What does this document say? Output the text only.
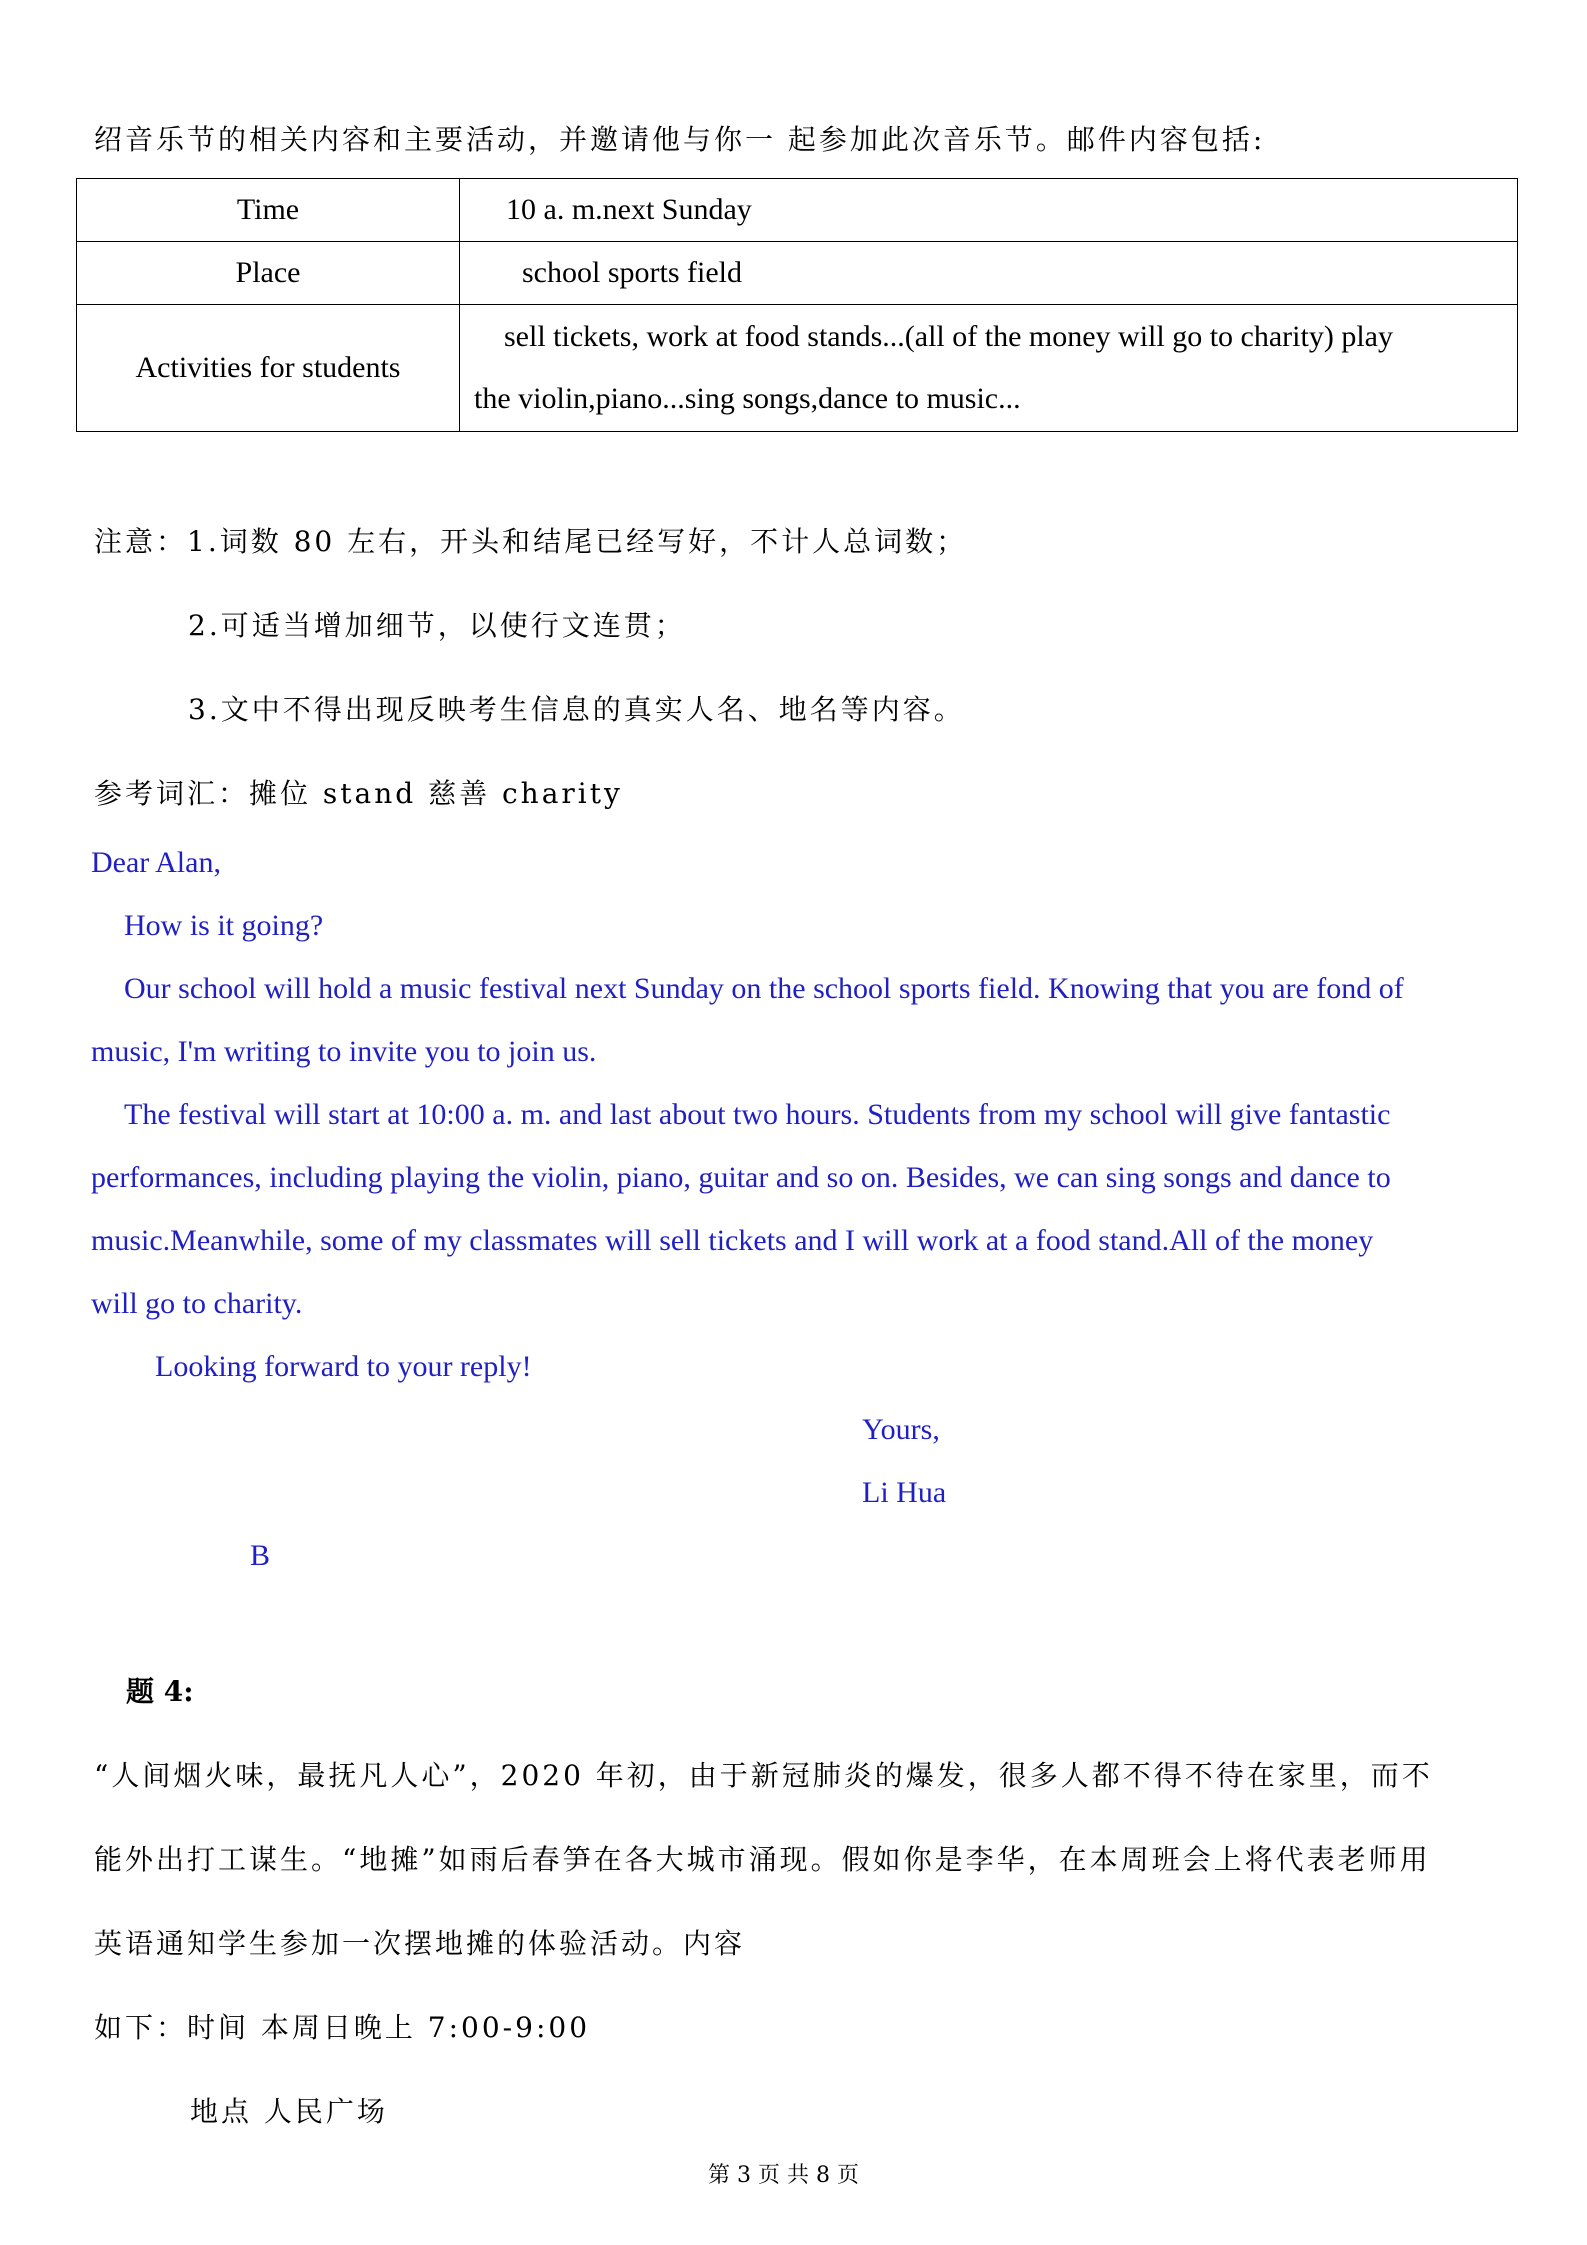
绍音乐节的相关内容和主要活动，并邀请他与你一 起参加此次音乐节。邮件内容包括:
Time	10 a. m.next Sunday
Place	school sports field
Activities for students	sell tickets, work at food stands...(all of the money will go to charity) play
the violin,piano...sing songs,dance to music...
注意：1.词数 80 左右，开头和结尾已经写好，不计人总词数；
2.可适当增加细节，以使行文连贯；
3.文中不得出现反映考生信息的真实人名、地名等内容。
参考词汇：摊位 stand 慈善 charity
Dear Alan,
How is it going?
Our school will hold a music festival next Sunday on the school sports field. Knowing that you are fond of
music, I'm writing to invite you to join us.
The festival will start at 10:00 a. m. and last about two hours. Students from my school will give fantastic
performances, including playing the violin, piano, guitar and so on. Besides, we can sing songs and dance to
music.Meanwhile, some of my classmates will sell tickets and I will work at a food stand.All of the money
will go to charity.
Looking forward to your reply!
Yours,
Li Hua
B
题 4:
“人间烟火味，最抚凡人心”，2020 年初，由于新冠肺炎的爆发，很多人都不得不待在家里，而不
能外出打工谋生。“地摊”如雨后春笋在各大城市涌现。假如你是李华，在本周班会上将代表老师用
英语通知学生参加一次摆地摊的体验活动。内容
如下：时间 本周日晚上 7:00-9:00
地点 人民广场
第 3 页 共 8 页
